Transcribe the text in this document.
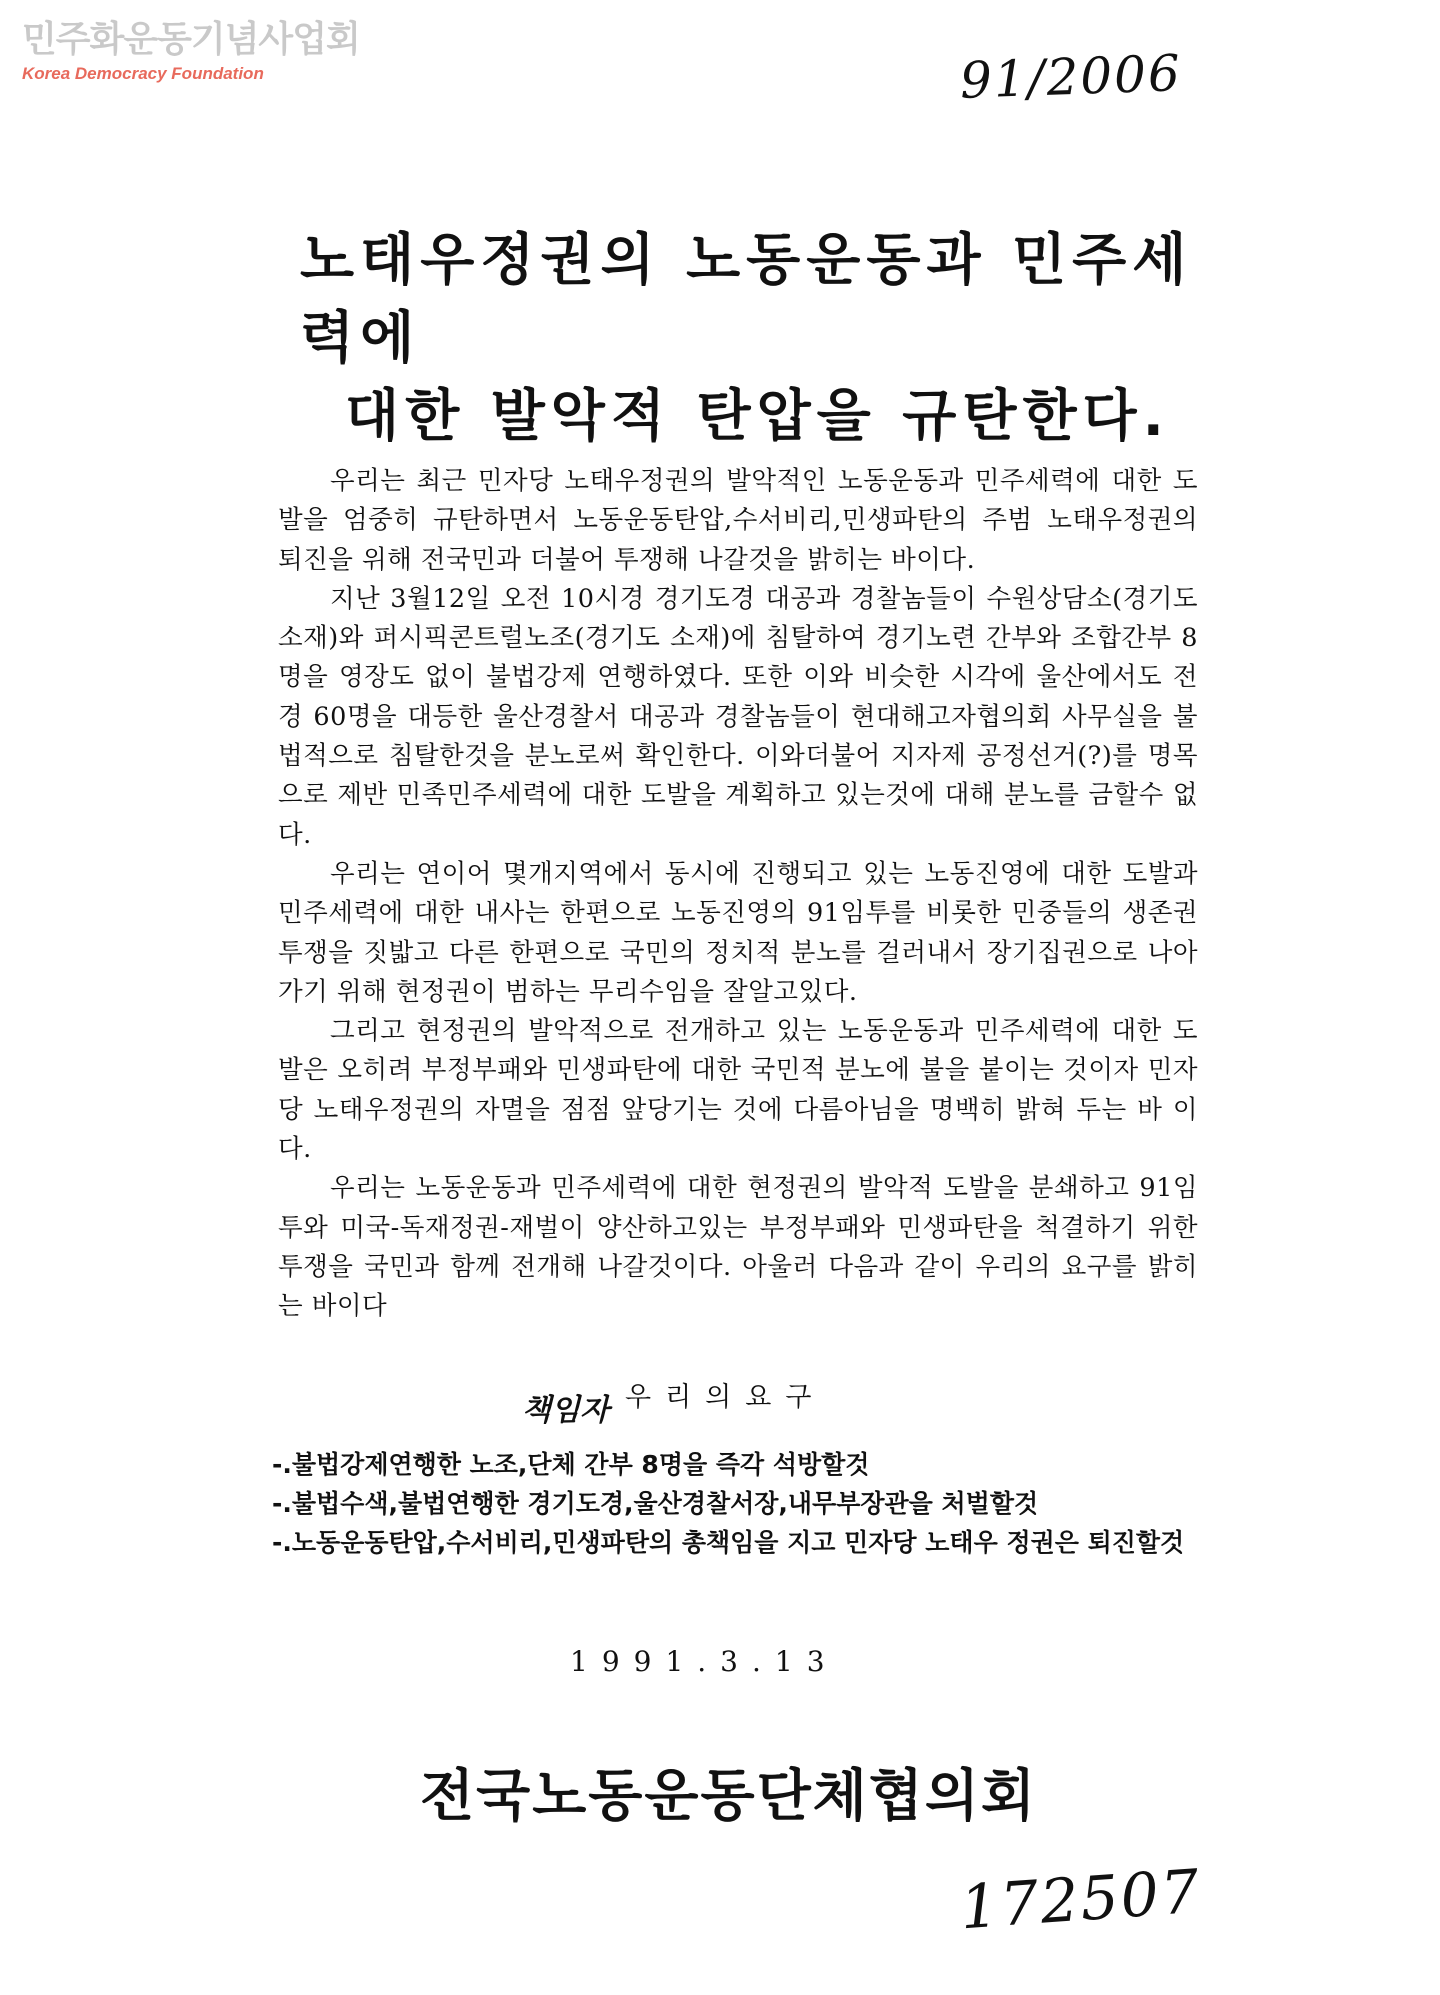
민주화운동기념사업회
Korea Democracy Foundation	91/2006
노태우정권의 노동운동과 민주세력에
대한 발악적 탄압을 규탄한다.

우리는 최근 민자당 노태우정권의 발악적인 노동운동과 민주세력에 대한 도발을 엄중히 규탄하면서 노동운동탄압,수서비리,민생파탄의 주범 노태우정권의 퇴진을 위해 전국민과 더불어 투쟁해 나갈것을 밝히는 바이다.

지난 3월12일 오전 10시경 경기도경 대공과 경찰놈들이 수원상담소(경기도 소재)와 퍼시픽콘트럴노조(경기도 소재)에 침탈하여 경기노련 간부와 조합간부 8명을 영장도 없이 불법강제 연행하였다. 또한 이와 비슷한 시각에 울산에서도 전경 60명을 대등한 울산경찰서 대공과 경찰놈들이 현대해고자협의회 사무실을 불법적으로 침탈한것을 분노로써 확인한다. 이와더불어 지자제 공정선거(?)를 명목으로 제반 민족민주세력에 대한 도발을 계획하고 있는것에 대해 분노를 금할수 없다.

우리는 연이어 몇개지역에서 동시에 진행되고 있는 노동진영에 대한 도발과 민주세력에 대한 내사는 한편으로 노동진영의 91임투를 비롯한 민중들의 생존권 투쟁을 짓밟고 다른 한편으로 국민의 정치적 분노를 걸러내서 장기집권으로 나아가기 위해 현정권이 범하는 무리수임을 잘알고있다.

그리고 현정권의 발악적으로 전개하고 있는 노동운동과 민주세력에 대한 도발은 오히려 부정부패와 민생파탄에 대한 국민적 분노에 불을 붙이는 것이자 민자당 노태우정권의 자멸을 점점 앞당기는 것에 다름아님을 명백히 밝혀 두는 바 이다.

우리는 노동운동과 민주세력에 대한 현정권의 발악적 도발을 분쇄하고 91임투와 미국-독재정권-재벌이 양산하고있는 부정부패와 민생파탄을 척결하기 위한 투쟁을 국민과 함께 전개해 나갈것이다. 아울러 다음과 같이 우리의 요구를 밝히는 바이다

책임자 우리의요구
-.불법강제연행한 노조,단체 간부 8명을 즉각 석방할것
-.불법수색,불법연행한 경기도경,울산경찰서장,내무부장관을 처벌할것
-.노동운동탄압,수서비리,민생파탄의 총책임을 지고 민자당 노태우 정권은 퇴진할것
1991.3.13
전국노동운동단체협의회
172507
